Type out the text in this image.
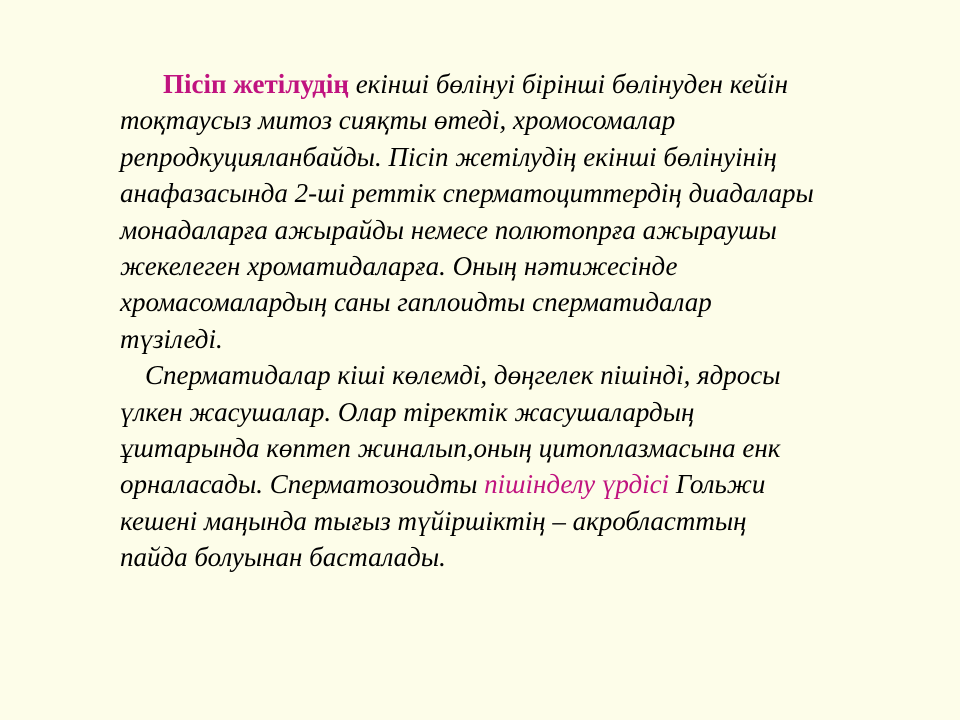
Пісіп жетілудің екінші бөлінуі бірінші бөлінуден кейін
тоқтаусыз митоз сияқты өтеді, хромосомалар
репродкуцияланбайды. Пісіп жетілудің екінші бөлінуінің
анафазасында 2-ші реттік сперматоциттердің диадалары
монадаларға ажырайды немесе полютопрға ажыраушы
жекелеген хроматидаларға. Оның нәтижесінде
хромасомалардың саны гаплоидты сперматидалар
түзіледі.

Сперматидалар кіші көлемді, дөңгелек пішінді, ядросы
үлкен жасушалар. Олар тіректік жасушалардың
ұштарында көптеп жиналып,оның цитоплазмасына енк
орналасады. Сперматозоидты пішінделу үрдісі Гольжи
кешені маңында тығыз түйіршіктің – акробласттың
пайда болуынан басталады.
